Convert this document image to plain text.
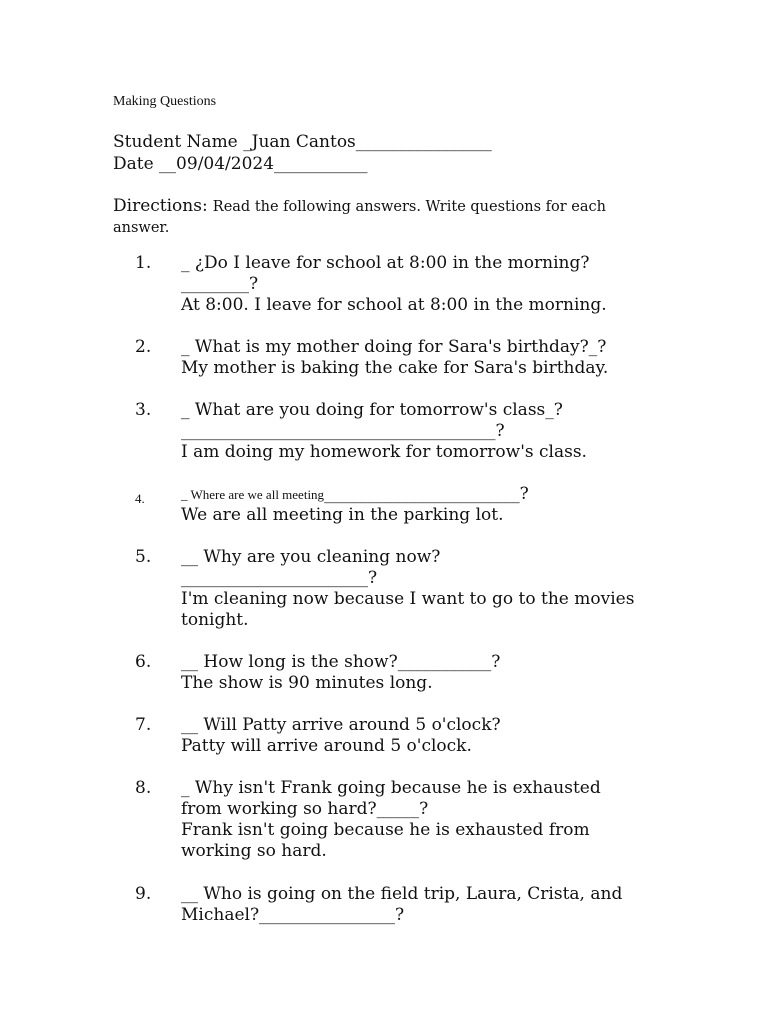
Making Questions
Student Name _Juan Cantos________________
Date __09/04/2024___________
Directions: Read the following answers. Write questions for each answer.
1. _ ¿Do I leave for school at 8:00 in the morning?
________?
At 8:00. I leave for school at 8:00 in the morning.
2. _ What is my mother doing for Sara's birthday?_?
My mother is baking the cake for Sara's birthday.
3. _ What are you doing for tomorrow's class_?
_____________________________________?
I am doing my homework for tomorrow's class.
4.	_ Where are we all meeting_______________________?
We are all meeting in the parking lot.
5. __ Why are you cleaning now?
______________________?
I'm cleaning now because I want to go to the movies tonight.
6. __ How long is the show?___________?
The show is 90 minutes long.
7. __ Will Patty arrive around 5 o'clock?
Patty will arrive around 5 o'clock.
8. _ Why isn't Frank going because he is exhausted
from working so hard?_____?
Frank isn't going because he is exhausted from working so hard.
9. __ Who is going on the field trip, Laura, Crista, and
Michael?________________?
